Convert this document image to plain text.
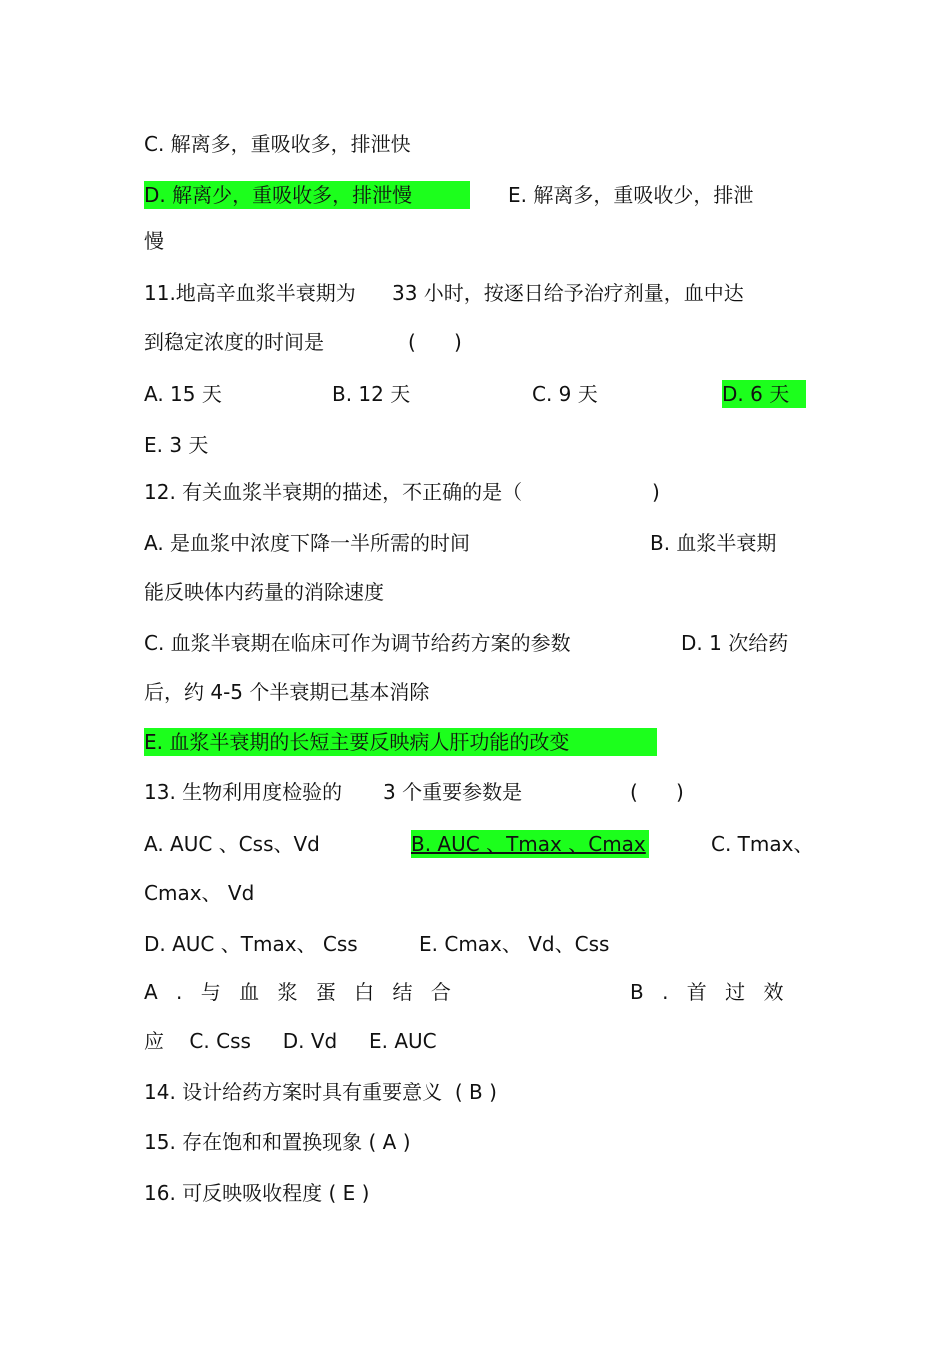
C. 解离多，重吸收多，排泄快
D. 解离少，重吸收多，排泄慢	E. 解离多，重吸收少，排泄
慢
11.地高辛血浆半衰期为 33 小时，按逐日给予治疗剂量，血中达
到稳定浓度的时间是	(      )
A. 15 天	B. 12 天	C. 9 天	D. 6 天
E. 3 天
12. 有关血浆半衰期的描述，不正确的是（	)
A. 是血浆中浓度下降一半所需的时间	B. 血浆半衰期
能反映体内药量的消除速度
C. 血浆半衰期在临床可作为调节给药方案的参数	D. 1 次给药
后，约 4-5 个半衰期已基本消除
E. 血浆半衰期的长短主要反映病人肝功能的改变
13. 生物利用度检验的 3 个重要参数是	(      )
A. AUC 、Css、Vd	B. AUC 、Tmax 、Cmax	C. Tmax、
Cmax、 Vd
D. AUC 、Tmax、 Css	E. Cmax、 Vd、Css
A . 与 血 浆 蛋 白 结 合	B . 首 过 效
应    C. Css     D. Vd     E. AUC
14. 设计给药方案时具有重要意义  ( B )
15. 存在饱和和置换现象 ( A )
16. 可反映吸收程度 ( E )
